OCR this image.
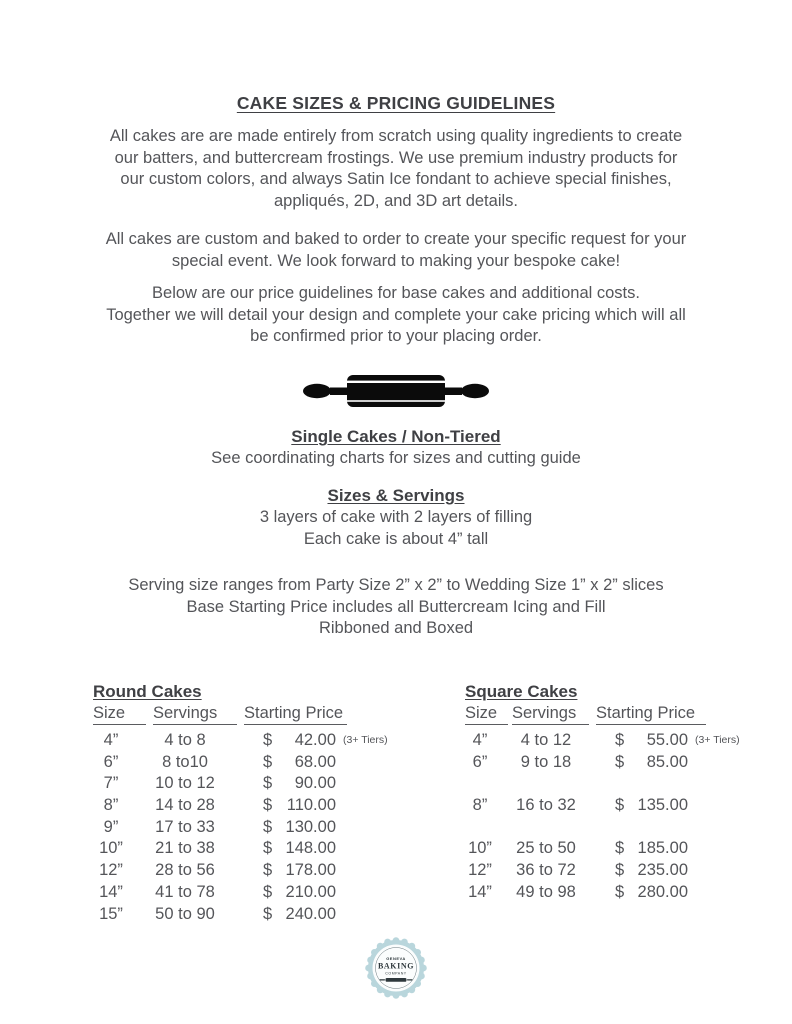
CAKE SIZES & PRICING GUIDELINES
All cakes are are made entirely from scratch using quality ingredients to create
our batters, and buttercream frostings. We use premium industry products for
our custom colors, and always Satin Ice fondant to achieve special finishes,
appliqués, 2D, and 3D art details.
All cakes are custom and baked to order to create your specific request for your
special event. We look forward to making your bespoke cake!
Below are our price guidelines for base cakes and additional costs.
Together we will detail your design and complete your cake pricing which will all
be confirmed prior to your placing order.
Single Cakes / Non-Tiered
See coordinating charts for sizes and cutting guide
Sizes & Servings
3 layers of cake with 2 layers of filling
Each cake is about 4” tall
Serving size ranges from Party Size 2” x 2” to Wedding Size 1” x 2” slices
Base Starting Price includes all Buttercream Icing and Fill
Ribboned and Boxed
Round Cakes
Size	Servings	Starting Price
4”	4 to 8	$ 42.00 (3+ Tiers)
6”	8 to10	$ 68.00
7”	10 to 12	$ 90.00
8”	14 to 28	$ 110.00
9”	17 to 33	$ 130.00
10”	21 to 38	$ 148.00
12”	28 to 56	$ 178.00
14”	41 to 78	$ 210.00
15”	50 to 90	$ 240.00
Square Cakes
Size Servings	Starting Price
4”	4 to 12	$ 55.00 (3+ Tiers)
6”	9 to 18	$ 85.00
8”	16 to 32	$ 135.00
10”	25 to 50	$ 185.00
12”	36 to 72	$ 235.00
14”	49 to 98	$ 280.00
GENEVA
BAKING
COMPANY
